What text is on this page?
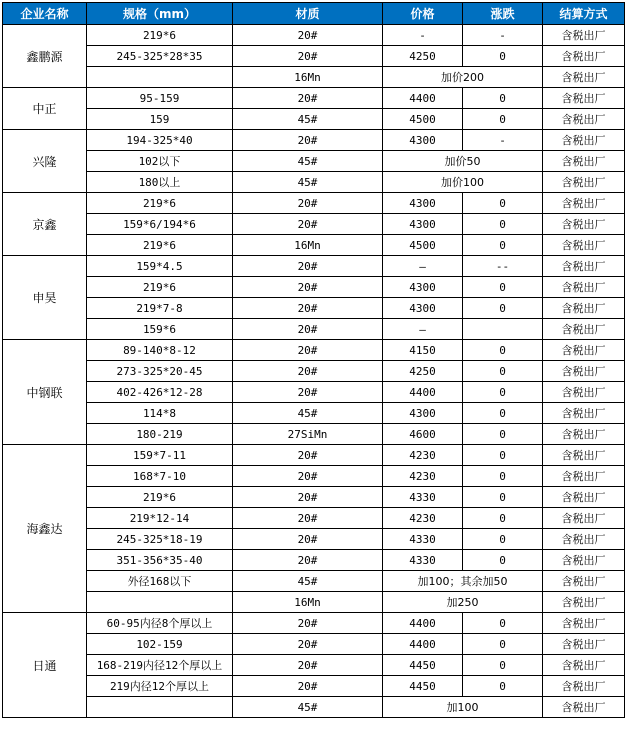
企业名称	规格（mm）	材质	价格	涨跌	结算方式
鑫鹏源	219*6	20#	-	-	含税出厂
	245-325*28*35	20#	4250	0	含税出厂
		16Mn	加价200		含税出厂
中正	95-159	20#	4400	0	含税出厂
	159	45#	4500	0	含税出厂
兴隆	194-325*40	20#	4300	-	含税出厂
	102以下	45#	加价50		含税出厂
	180以上	45#	加价100		含税出厂
京鑫	219*6	20#	4300	0	含税出厂
	159*6/194*6	20#	4300	0	含税出厂
	219*6	16Mn	4500	0	含税出厂
申昊	159*4.5	20#	—	--	含税出厂
	219*6	20#	4300	0	含税出厂
	219*7-8	20#	4300	0	含税出厂
	159*6	20#	—		含税出厂
中钢联	89-140*8-12	20#	4150	0	含税出厂
	273-325*20-45	20#	4250	0	含税出厂
	402-426*12-28	20#	4400	0	含税出厂
	114*8	45#	4300	0	含税出厂
	180-219	27SiMn	4600	0	含税出厂
海鑫达	159*7-11	20#	4230	0	含税出厂
	168*7-10	20#	4230	0	含税出厂
	219*6	20#	4330	0	含税出厂
	219*12-14	20#	4230	0	含税出厂
	245-325*18-19	20#	4330	0	含税出厂
	351-356*35-40	20#	4330	0	含税出厂
	外径168以下	45#	加100；其余加50		含税出厂
		16Mn	加250		含税出厂
日通	60-95内径8个厚以上	20#	4400	0	含税出厂
	102-159	20#	4400	0	含税出厂
	168-219内径12个厚以上	20#	4450	0	含税出厂
	219内径12个厚以上	20#	4450	0	含税出厂
		45#	加100		含税出厂
